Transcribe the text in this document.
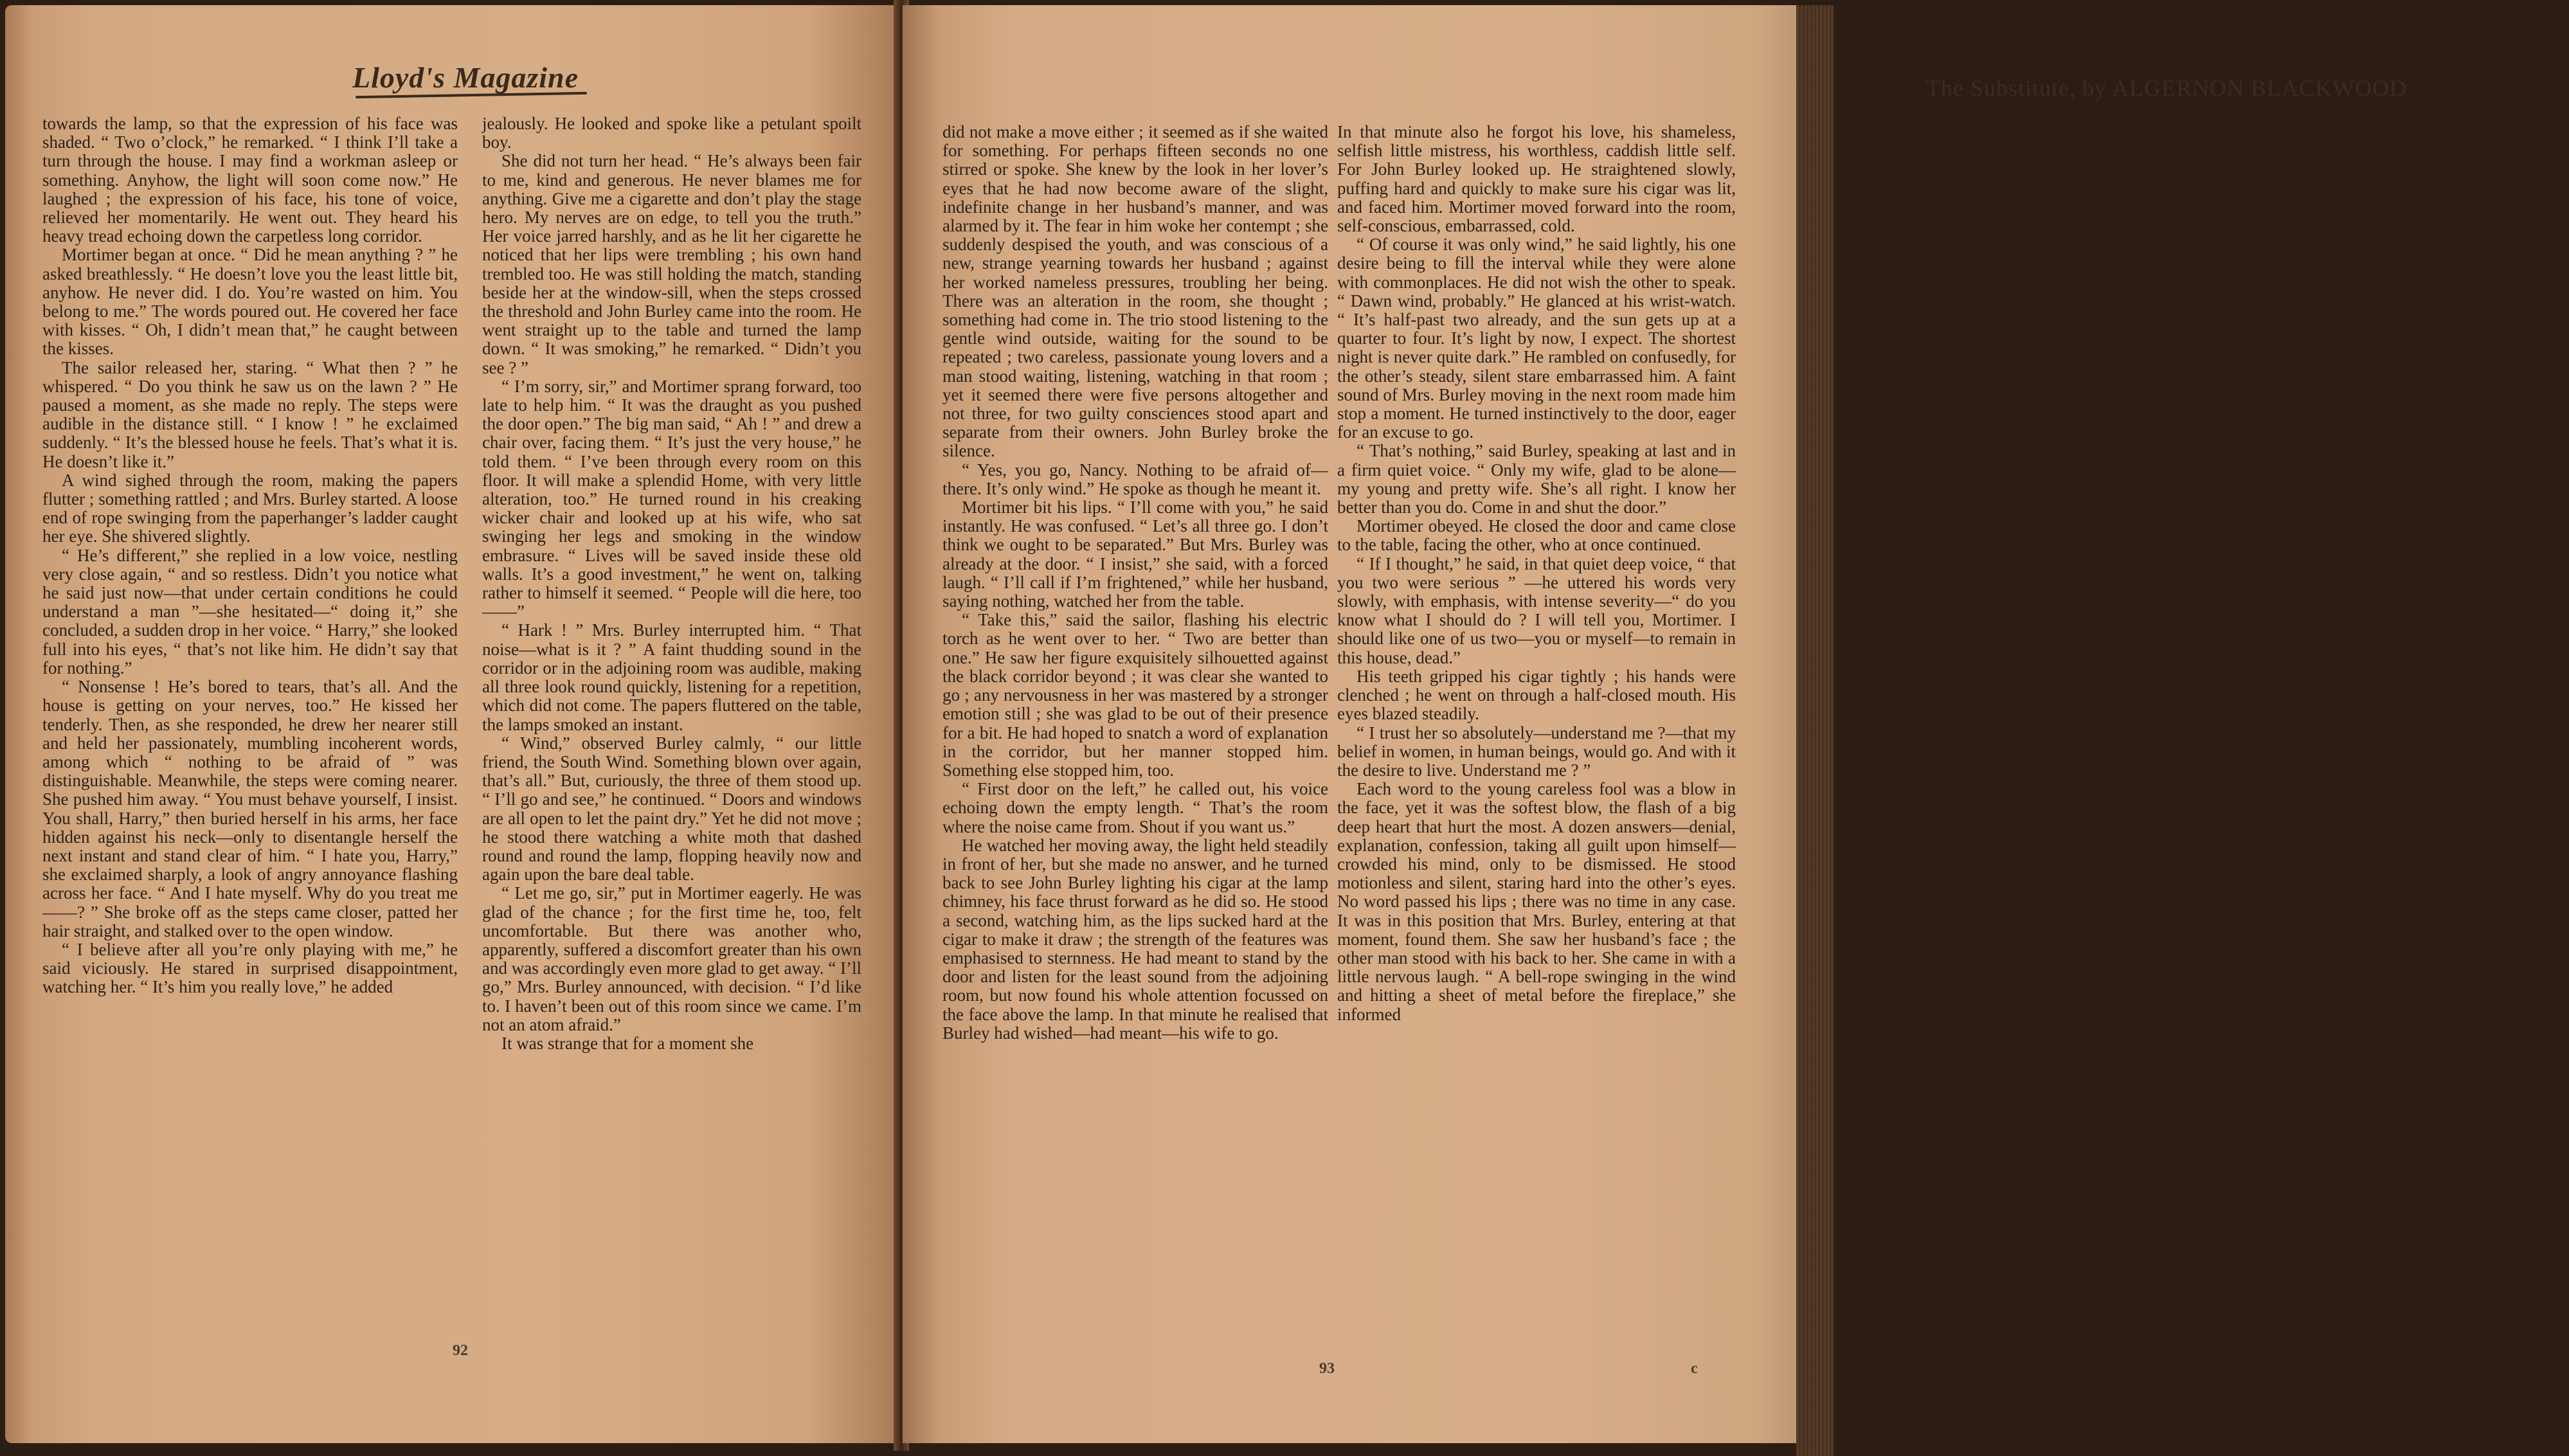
Lloyd's Magazine

towards the lamp, so that the expression of his face was shaded. “ Two o’clock,” he remarked. “ I think I’ll take a turn through the house. I may find a workman asleep or something. Anyhow, the light will soon come now.” He laughed ; the expression of his face, his tone of voice, relieved her momentarily. He went out. They heard his heavy tread echoing down the carpetless long corridor.

Mortimer began at once. “ Did he mean anything ? ” he asked breathlessly. “ He doesn’t love you the least little bit, anyhow. He never did. I do. You’re wasted on him. You belong to me.” The words poured out. He covered her face with kisses. “ Oh, I didn’t mean that,” he caught between the kisses.

The sailor released her, staring. “ What then ? ” he whispered. “ Do you think he saw us on the lawn ? ” He paused a moment, as she made no reply. The steps were audible in the distance still. “ I know ! ” he exclaimed suddenly. “ It’s the blessed house he feels. That’s what it is. He doesn’t like it.”

A wind sighed through the room, making the papers flutter ; something rattled ; and Mrs. Burley started. A loose end of rope swinging from the paperhanger’s ladder caught her eye. She shivered slightly.

“ He’s different,” she replied in a low voice, nestling very close again, “ and so restless. Didn’t you notice what he said just now—that under certain conditions he could understand a man ”—she hesitated—“ doing it,” she concluded, a sudden drop in her voice. “ Harry,” she looked full into his eyes, “ that’s not like him. He didn’t say that for nothing.”

“ Nonsense ! He’s bored to tears, that’s all. And the house is getting on your nerves, too.” He kissed her tenderly. Then, as she responded, he drew her nearer still and held her passionately, mumbling incoherent words, among which “ nothing to be afraid of ” was distinguishable. Meanwhile, the steps were coming nearer. She pushed him away. “ You must behave yourself, I insist. You shall, Harry,” then buried herself in his arms, her face hidden against his neck—only to disentangle herself the next instant and stand clear of him. “ I hate you, Harry,” she exclaimed sharply, a look of angry annoyance flashing across her face. “ And I hate myself. Why do you treat me——? ” She broke off as the steps came closer, patted her hair straight, and stalked over to the open window.

“ I believe after all you’re only playing with me,” he said viciously. He stared in surprised disappointment, watching her. “ It’s him you really love,” he added

jealously. He looked and spoke like a petulant spoilt boy.

She did not turn her head. “ He’s always been fair to me, kind and generous. He never blames me for anything. Give me a cigarette and don’t play the stage hero. My nerves are on edge, to tell you the truth.” Her voice jarred harshly, and as he lit her cigarette he noticed that her lips were trembling ; his own hand trembled too. He was still holding the match, standing beside her at the window-sill, when the steps crossed the threshold and John Burley came into the room. He went straight up to the table and turned the lamp down. “ It was smoking,” he remarked. “ Didn’t you see ? ”

“ I’m sorry, sir,” and Mortimer sprang forward, too late to help him. “ It was the draught as you pushed the door open.” The big man said, “ Ah ! ” and drew a chair over, facing them. “ It’s just the very house,” he told them. “ I’ve been through every room on this floor. It will make a splendid Home, with very little alteration, too.” He turned round in his creaking wicker chair and looked up at his wife, who sat swinging her legs and smoking in the window embrasure. “ Lives will be saved inside these old walls. It’s a good investment,” he went on, talking rather to himself it seemed. “ People will die here, too——”

“ Hark ! ” Mrs. Burley interrupted him. “ That noise—what is it ? ” A faint thudding sound in the corridor or in the adjoining room was audible, making all three look round quickly, listening for a repetition, which did not come. The papers fluttered on the table, the lamps smoked an instant.

“ Wind,” observed Burley calmly, “ our little friend, the South Wind. Something blown over again, that’s all.” But, curiously, the three of them stood up. “ I’ll go and see,” he continued. “ Doors and windows are all open to let the paint dry.” Yet he did not move ; he stood there watching a white moth that dashed round and round the lamp, flopping heavily now and again upon the bare deal table.

“ Let me go, sir,” put in Mortimer eagerly. He was glad of the chance ; for the first time he, too, felt uncomfortable. But there was another who, apparently, suffered a discomfort greater than his own and was accordingly even more glad to get away. “ I’ll go,” Mrs. Burley announced, with decision. “ I’d like to. I haven’t been out of this room since we came. I’m not an atom afraid.”

It was strange that for a moment she

92
The Substitute, by ALGERNON BLACKWOOD

did not make a move either ; it seemed as if she waited for something. For perhaps fifteen seconds no one stirred or spoke. She knew by the look in her lover’s eyes that he had now become aware of the slight, indefinite change in her husband’s manner, and was alarmed by it. The fear in him woke her contempt ; she suddenly despised the youth, and was conscious of a new, strange yearning towards her husband ; against her worked nameless pressures, troubling her being. There was an alteration in the room, she thought ; something had come in. The trio stood listening to the gentle wind outside, waiting for the sound to be repeated ; two careless, passionate young lovers and a man stood waiting, listening, watching in that room ; yet it seemed there were five persons altogether and not three, for two guilty consciences stood apart and separate from their owners. John Burley broke the silence.

“ Yes, you go, Nancy. Nothing to be afraid of—there. It’s only wind.” He spoke as though he meant it.

Mortimer bit his lips. “ I’ll come with you,” he said instantly. He was confused. “ Let’s all three go. I don’t think we ought to be separated.” But Mrs. Burley was already at the door. “ I insist,” she said, with a forced laugh. “ I’ll call if I’m frightened,” while her husband, saying nothing, watched her from the table.

“ Take this,” said the sailor, flashing his electric torch as he went over to her. “ Two are better than one.” He saw her figure exquisitely silhouetted against the black corridor beyond ; it was clear she wanted to go ; any nervousness in her was mastered by a stronger emotion still ; she was glad to be out of their presence for a bit. He had hoped to snatch a word of explanation in the corridor, but her manner stopped him. Something else stopped him, too.

“ First door on the left,” he called out, his voice echoing down the empty length. “ That’s the room where the noise came from. Shout if you want us.”

He watched her moving away, the light held steadily in front of her, but she made no answer, and he turned back to see John Burley lighting his cigar at the lamp chimney, his face thrust forward as he did so. He stood a second, watching him, as the lips sucked hard at the cigar to make it draw ; the strength of the features was emphasised to sternness. He had meant to stand by the door and listen for the least sound from the adjoining room, but now found his whole attention focussed on the face above the lamp. In that minute he realised that Burley had wished—had meant—his wife to go.

In that minute also he forgot his love, his shameless, selfish little mistress, his worthless, caddish little self. For John Burley looked up. He straightened slowly, puffing hard and quickly to make sure his cigar was lit, and faced him. Mortimer moved forward into the room, self-conscious, embarrassed, cold.

“ Of course it was only wind,” he said lightly, his one desire being to fill the interval while they were alone with commonplaces. He did not wish the other to speak. “ Dawn wind, probably.” He glanced at his wrist-watch. “ It’s half-past two already, and the sun gets up at a quarter to four. It’s light by now, I expect. The shortest night is never quite dark.” He rambled on confusedly, for the other’s steady, silent stare embarrassed him. A faint sound of Mrs. Burley moving in the next room made him stop a moment. He turned instinctively to the door, eager for an excuse to go.

“ That’s nothing,” said Burley, speaking at last and in a firm quiet voice. “ Only my wife, glad to be alone—my young and pretty wife. She’s all right. I know her better than you do. Come in and shut the door.”

Mortimer obeyed. He closed the door and came close to the table, facing the other, who at once continued.

“ If I thought,” he said, in that quiet deep voice, “ that you two were serious ” —he uttered his words very slowly, with emphasis, with intense severity—“ do you know what I should do ? I will tell you, Mortimer. I should like one of us two—you or myself—to remain in this house, dead.”

His teeth gripped his cigar tightly ; his hands were clenched ; he went on through a half-closed mouth. His eyes blazed steadily.

“ I trust her so absolutely—understand me ?—that my belief in women, in human beings, would go. And with it the desire to live. Understand me ? ”

Each word to the young careless fool was a blow in the face, yet it was the softest blow, the flash of a big deep heart that hurt the most. A dozen answers—denial, explanation, confession, taking all guilt upon himself—crowded his mind, only to be dismissed. He stood motionless and silent, staring hard into the other’s eyes. No word passed his lips ; there was no time in any case. It was in this position that Mrs. Burley, entering at that moment, found them. She saw her husband’s face ; the other man stood with his back to her. She came in with a little nervous laugh. “ A bell-rope swinging in the wind and hitting a sheet of metal before the fireplace,” she informed

93	c
